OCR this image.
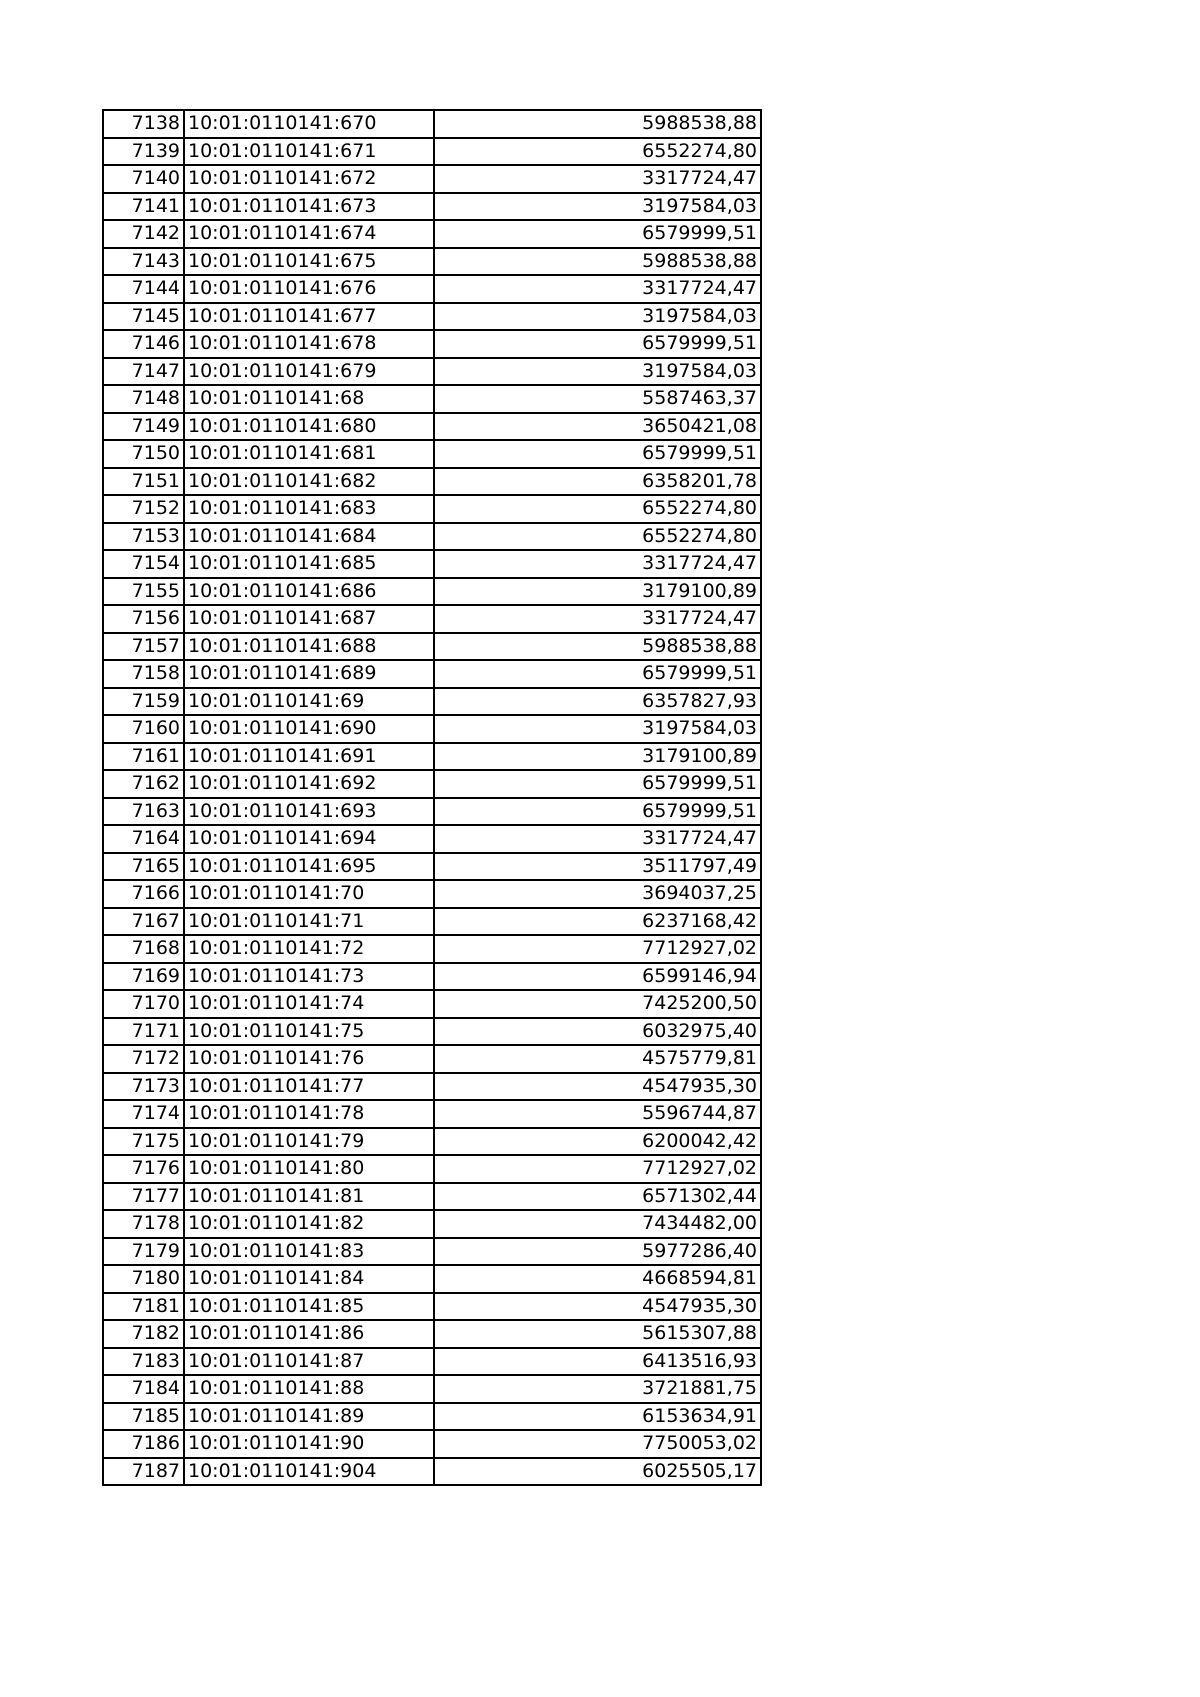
7138	10:01:0110141:670	5988538,88
7139	10:01:0110141:671	6552274,80
7140	10:01:0110141:672	3317724,47
7141	10:01:0110141:673	3197584,03
7142	10:01:0110141:674	6579999,51
7143	10:01:0110141:675	5988538,88
7144	10:01:0110141:676	3317724,47
7145	10:01:0110141:677	3197584,03
7146	10:01:0110141:678	6579999,51
7147	10:01:0110141:679	3197584,03
7148	10:01:0110141:68	5587463,37
7149	10:01:0110141:680	3650421,08
7150	10:01:0110141:681	6579999,51
7151	10:01:0110141:682	6358201,78
7152	10:01:0110141:683	6552274,80
7153	10:01:0110141:684	6552274,80
7154	10:01:0110141:685	3317724,47
7155	10:01:0110141:686	3179100,89
7156	10:01:0110141:687	3317724,47
7157	10:01:0110141:688	5988538,88
7158	10:01:0110141:689	6579999,51
7159	10:01:0110141:69	6357827,93
7160	10:01:0110141:690	3197584,03
7161	10:01:0110141:691	3179100,89
7162	10:01:0110141:692	6579999,51
7163	10:01:0110141:693	6579999,51
7164	10:01:0110141:694	3317724,47
7165	10:01:0110141:695	3511797,49
7166	10:01:0110141:70	3694037,25
7167	10:01:0110141:71	6237168,42
7168	10:01:0110141:72	7712927,02
7169	10:01:0110141:73	6599146,94
7170	10:01:0110141:74	7425200,50
7171	10:01:0110141:75	6032975,40
7172	10:01:0110141:76	4575779,81
7173	10:01:0110141:77	4547935,30
7174	10:01:0110141:78	5596744,87
7175	10:01:0110141:79	6200042,42
7176	10:01:0110141:80	7712927,02
7177	10:01:0110141:81	6571302,44
7178	10:01:0110141:82	7434482,00
7179	10:01:0110141:83	5977286,40
7180	10:01:0110141:84	4668594,81
7181	10:01:0110141:85	4547935,30
7182	10:01:0110141:86	5615307,88
7183	10:01:0110141:87	6413516,93
7184	10:01:0110141:88	3721881,75
7185	10:01:0110141:89	6153634,91
7186	10:01:0110141:90	7750053,02
7187	10:01:0110141:904	6025505,17
